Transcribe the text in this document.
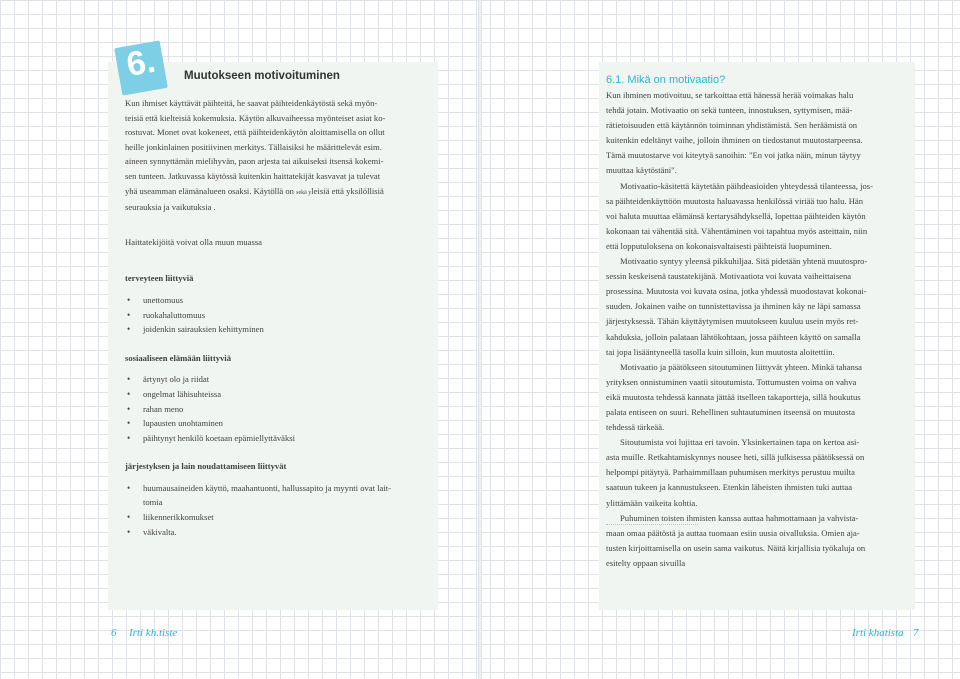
6.	Muutokseen motivoituminen

Kun ihmiset käyttävät päihteitä, he saavat päihteidenkäytöstä sekä myön-
teisiä että kielteisiä kokemuksia. Käytön alkuvaiheessa myönteiset asiat ko-
rostuvat. Monet ovat kokeneet, että päihteidenkäytön aloittamisella on ollut
heille jonkinlainen positiivinen merkitys. Tällaisiksi he määrittelevät esim.
aineen synnyttämän mielihyvän, paon arjesta tai aikuiseksi itsensä kokemi-
sen tunteen. Jatkuvassa käytössä kuitenkin haittatekijät kasvavat ja tulevat
yhä useamman elämänalueen osaksi. Käytöllä on sekä yleisiä että yksilöllisiä
seurauksia ja vaikutuksia .

Haittatekijöitä voivat olla muun muassa

terveyteen liittyviä

• unettomuus
• ruokahaluttomuus
• joidenkin sairauksien kehittyminen

sosiaaliseen elämään liittyviä

• ärtynyt olo ja riidat
• ongelmat lähisuhteissa
• rahan meno
• lupausten unohtaminen
• päihtynyt henkilö koetaan epämiellyttäväksi

järjestyksen ja lain noudattamiseen liittyvät

• huumausaineiden käyttö, maahantuonti, hallussapito ja myynti ovat lait-
tomia
• liikennerikkomukset
• väkivalta.
6.1. Mikä on motivaatio?

Kun ihminen motivoituu, se tarkoittaa että hänessä herää voimakas halu
tehdä jotain. Motivaatio on sekä tunteen, innostuksen, syttymisen, mää-
rätietoisuuden että käytännön toiminnan yhdistämistä. Sen heräämistä on
kuitenkin edeltänyt vaihe, jolloin ihminen on tiedostanut muutostarpeensa.
Tämä muutostarve voi kiteytyä sanoihin: "En voi jatka näin, minun täytyy
muuttaa käytöstäni".

Motivaatio-käsitettä käytetään päihdeasioiden yhteydessä tilanteessa, jos-
sa päihteidenkäyttöön muutosta haluavassa henkilössä viriää tuo halu. Hän
voi haluta muuttaa elämänsä kertarysähdyksellä, lopettaa päihteiden käytön
kokonaan tai vähentää sitä. Vähentäminen voi tapahtua myös asteittain, niin
että lopputuloksena on kokonaisvaltaisesti päihteistä luopuminen.

Motivaatio syntyy yleensä pikkuhiljaa. Sitä pidetään yhtenä muutospro-
sessin keskeisenä taustatekijänä. Motivaatiota voi kuvata vaiheittaisena
prosessina. Muutosta voi kuvata osina, jotka yhdessä muodostavat kokonai-
suuden. Jokainen vaihe on tunnistettavissa ja ihminen käy ne läpi samassa
järjestyksessä. Tähän käyttäytymisen muutokseen kuuluu usein myös ret-
kahduksia, jolloin palataan lähtökohtaan, jossa päihteen käyttö on samalla
tai jopa lisääntyneellä tasolla kuin silloin, kun muutosta aloitettiin.

Motivaatio ja päätökseen sitoutuminen liittyvät yhteen. Minkä tahansa
yrityksen onnistuminen vaatii sitoutumista. Tottumusten voima on vahva
eikä muutosta tehdessä kannata jättää itselleen takaportteja, sillä houkutus
palata entiseen on suuri. Rehellinen suhtautuminen itseensä on muutosta
tehdessä tärkeää.

Sitoutumista voi lujittaa eri tavoin. Yksinkertainen tapa on kertoa asi-
asta muille. Retkahtamiskynnys nousee heti, sillä julkisessa päätöksessä on
helpompi pitäytyä. Parhaimmillaan puhumisen merkitys perustuu muilta
saatuun tukeen ja kannustukseen. Etenkin läheisten ihmisten tuki auttaa
ylittämään vaikeita kohtia.

Puhuminen toisten ihmisten kanssa auttaa hahmottamaan ja vahvista-
maan omaa päätöstä ja auttaa tuomaan esiin uusia oivalluksia. Omien aja-
tusten kirjoittamisella on usein sama vaikutus. Näitä kirjallisia työkaluja on
esitelty oppaan sivuilla

6 Irti kh.tiste	Irti khatista 7
